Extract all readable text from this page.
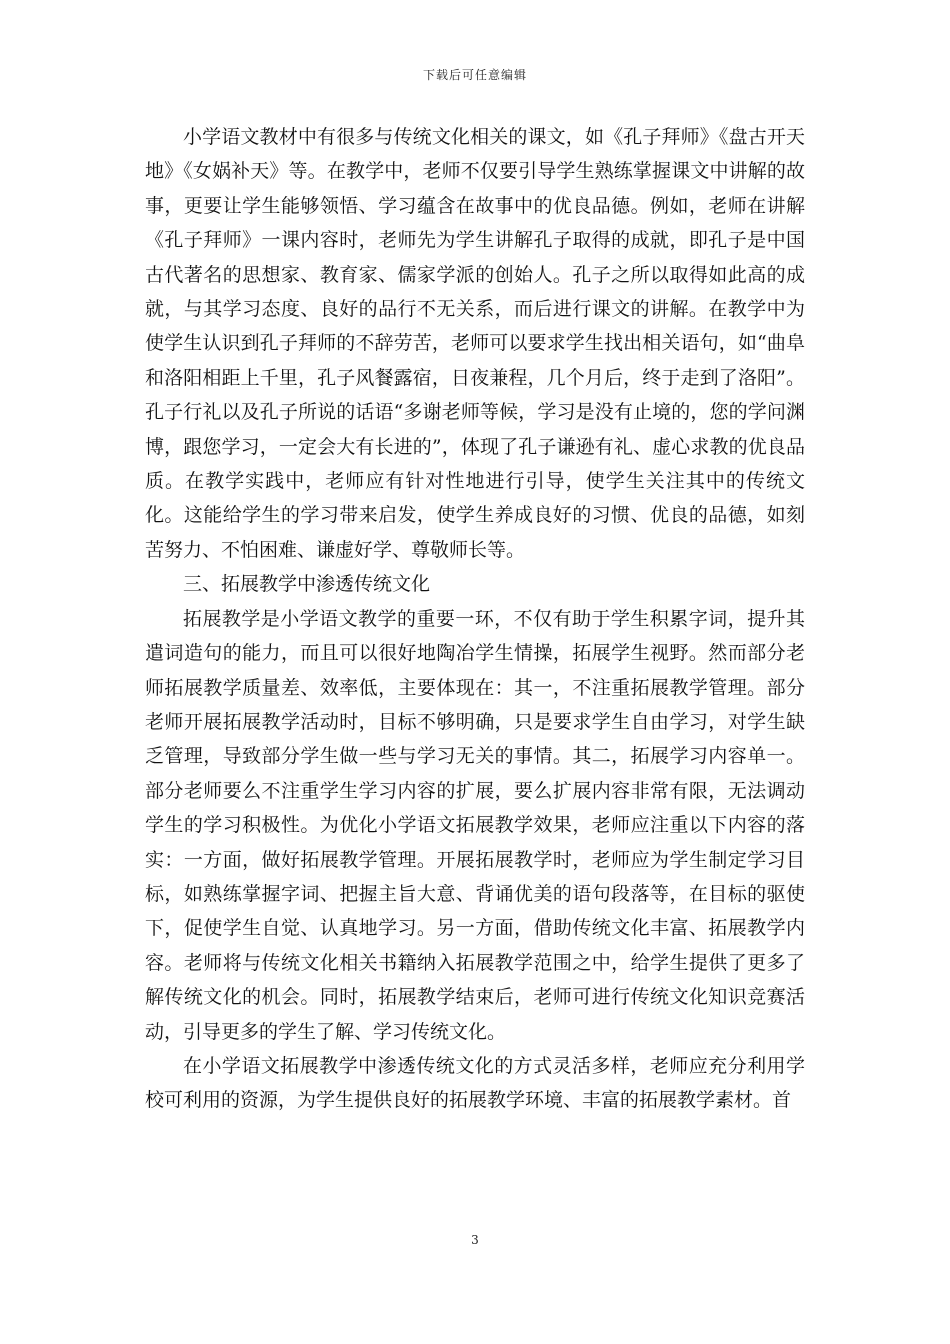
下载后可任意编辑

小学语文教材中有很多与传统文化相关的课文，如《孔子拜师》《盘古开天地》《女娲补天》等。在教学中，老师不仅要引导学生熟练掌握课文中讲解的故事，更要让学生能够领悟、学习蕴含在故事中的优良品德。例如，老师在讲解《孔子拜师》一课内容时，老师先为学生讲解孔子取得的成就，即孔子是中国古代著名的思想家、教育家、儒家学派的创始人。孔子之所以取得如此高的成就，与其学习态度、良好的品行不无关系，而后进行课文的讲解。在教学中为使学生认识到孔子拜师的不辞劳苦，老师可以要求学生找出相关语句，如“曲阜和洛阳相距上千里，孔子风餐露宿，日夜兼程，几个月后，终于走到了洛阳”。孔子行礼以及孔子所说的话语“多谢老师等候，学习是没有止境的，您的学问渊博，跟您学习，一定会大有长进的”，体现了孔子谦逊有礼、虚心求教的优良品质。在教学实践中，老师应有针对性地进行引导，使学生关注其中的传统文化。这能给学生的学习带来启发，使学生养成良好的习惯、优良的品德，如刻苦努力、不怕困难、谦虚好学、尊敬师长等。

三、拓展教学中渗透传统文化

拓展教学是小学语文教学的重要一环，不仅有助于学生积累字词，提升其遣词造句的能力，而且可以很好地陶冶学生情操，拓展学生视野。然而部分老师拓展教学质量差、效率低，主要体现在：其一，不注重拓展教学管理。部分老师开展拓展教学活动时，目标不够明确，只是要求学生自由学习，对学生缺乏管理，导致部分学生做一些与学习无关的事情。其二，拓展学习内容单一。部分老师要么不注重学生学习内容的扩展，要么扩展内容非常有限，无法调动学生的学习积极性。为优化小学语文拓展教学效果，老师应注重以下内容的落实：一方面，做好拓展教学管理。开展拓展教学时，老师应为学生制定学习目标，如熟练掌握字词、把握主旨大意、背诵优美的语句段落等，在目标的驱使下，促使学生自觉、认真地学习。另一方面，借助传统文化丰富、拓展教学内容。老师将与传统文化相关书籍纳入拓展教学范围之中，给学生提供了更多了解传统文化的机会。同时，拓展教学结束后，老师可进行传统文化知识竞赛活动，引导更多的学生了解、学习传统文化。

在小学语文拓展教学中渗透传统文化的方式灵活多样，老师应充分利用学校可利用的资源，为学生提供良好的拓展教学环境、丰富的拓展教学素材。首

3
